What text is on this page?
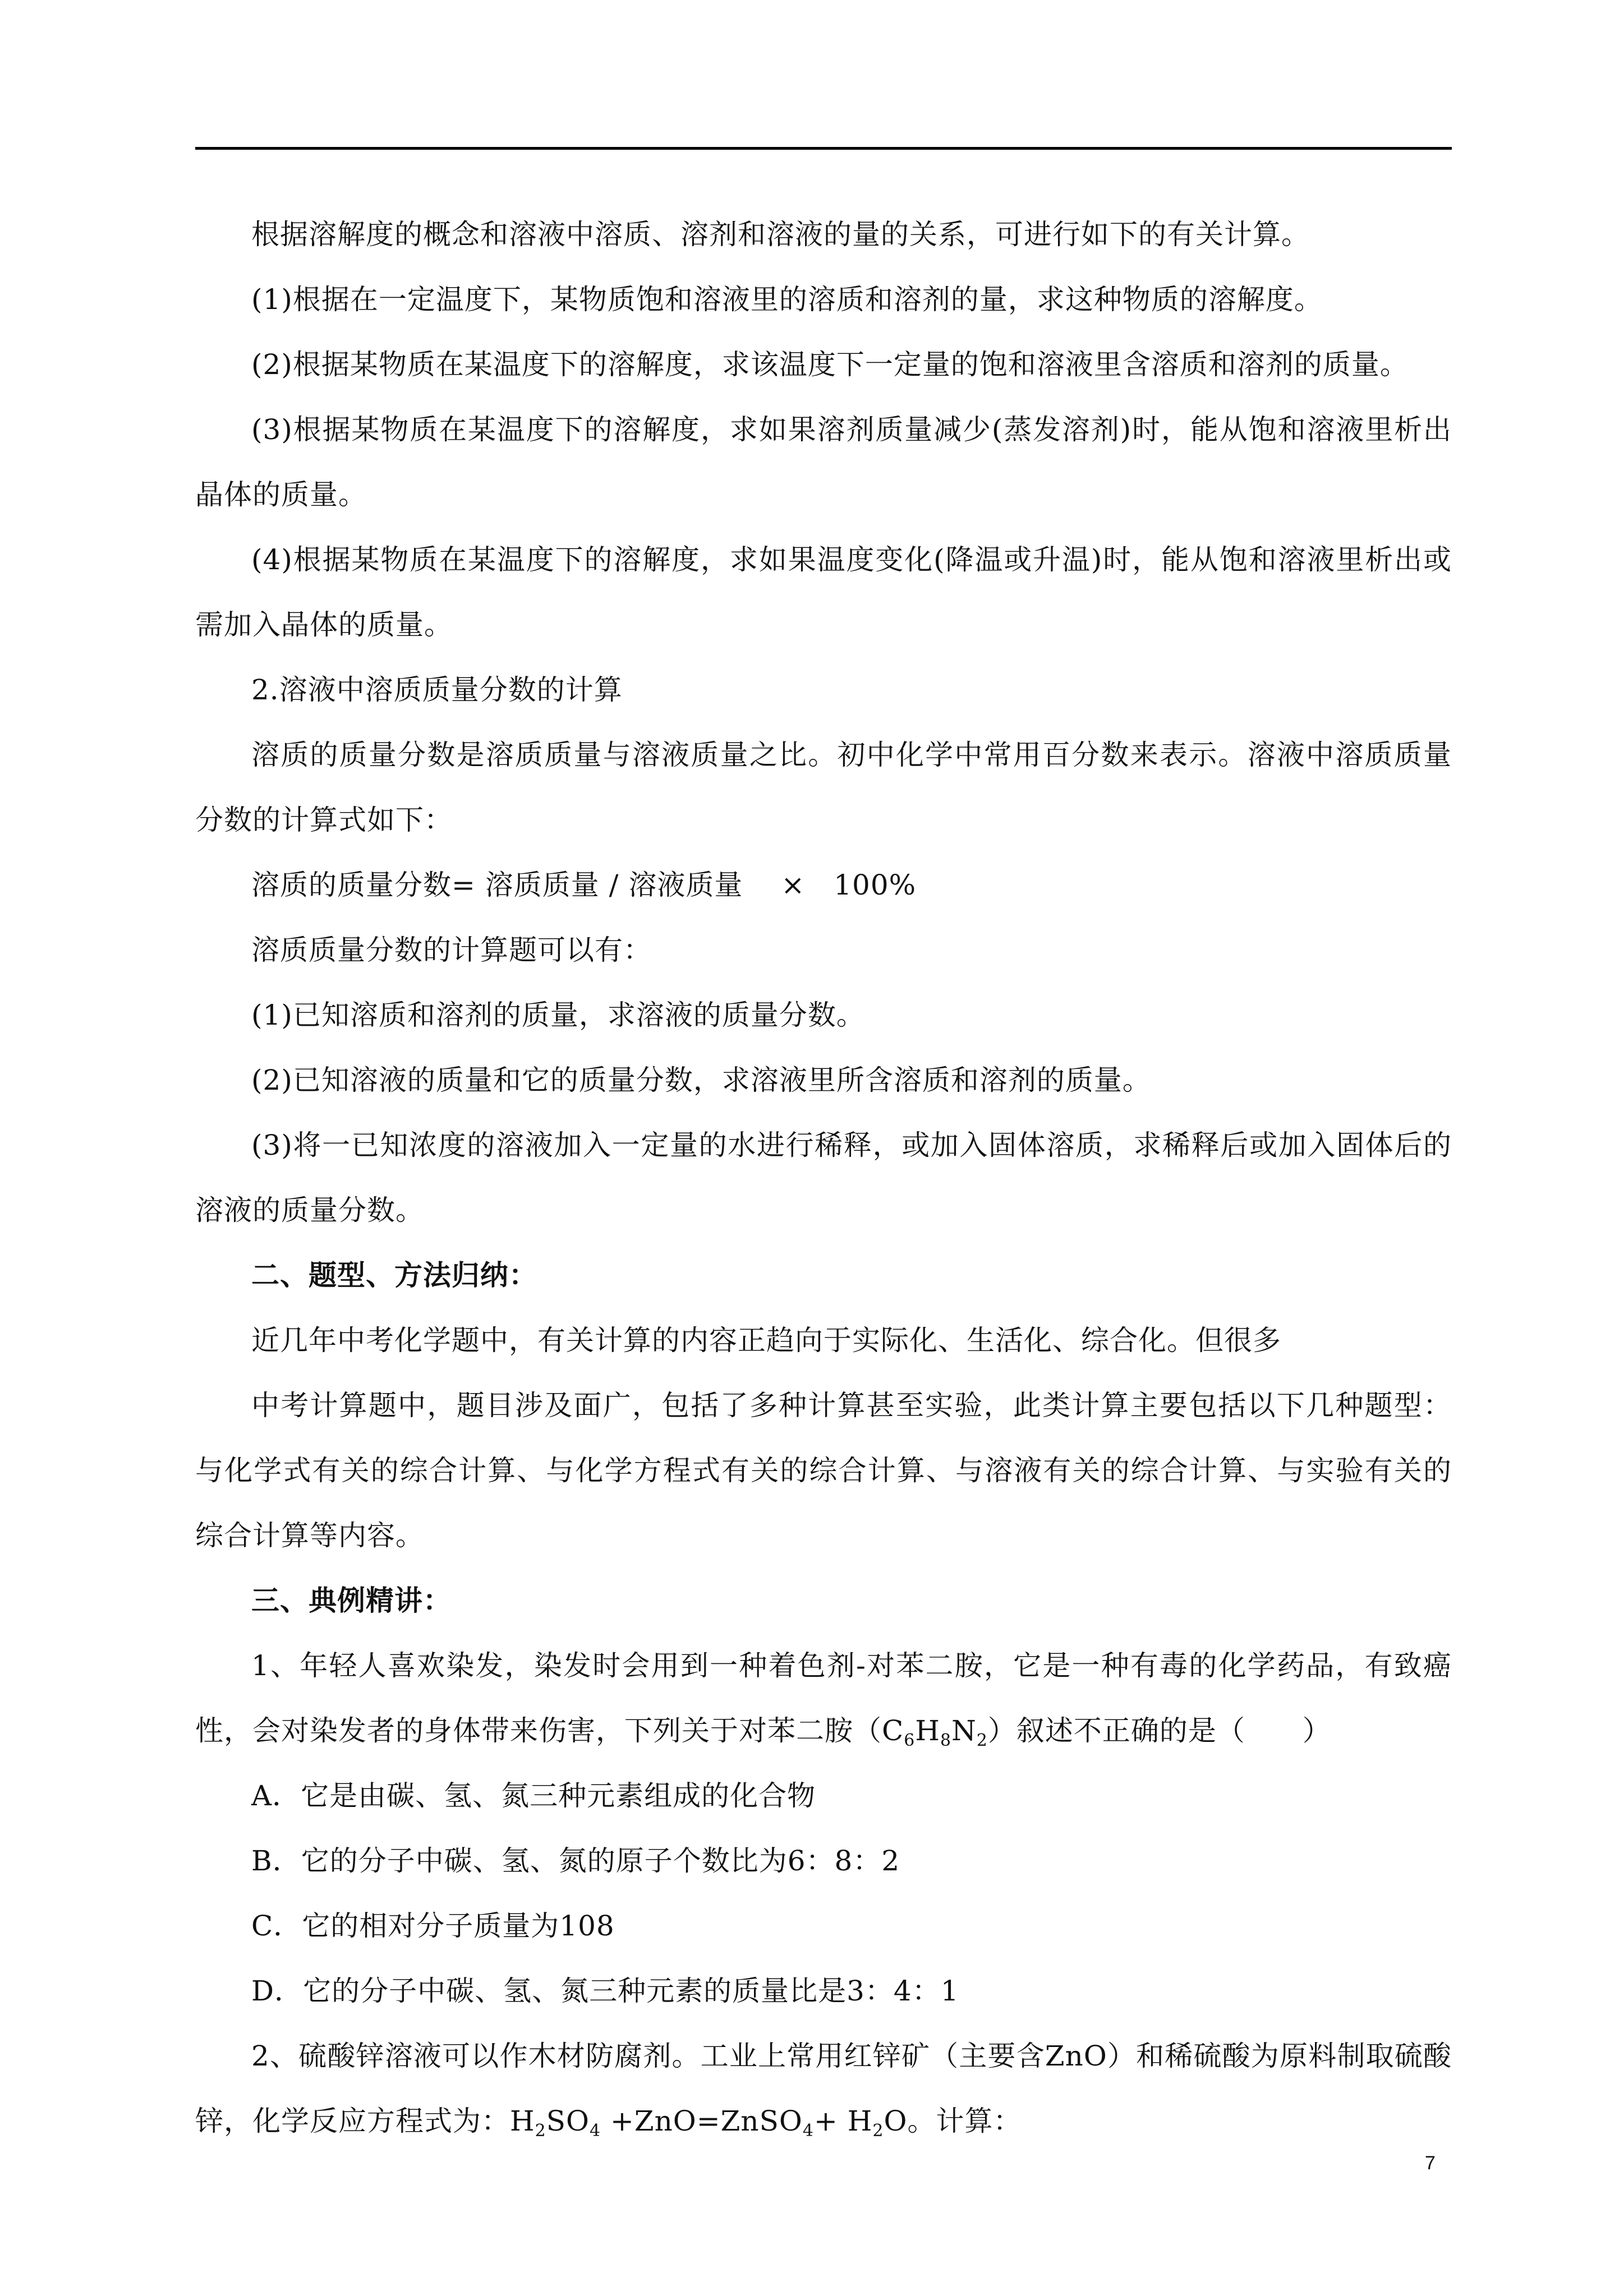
根据溶解度的概念和溶液中溶质、溶剂和溶液的量的关系，可进行如下的有关计算。

(1)根据在一定温度下，某物质饱和溶液里的溶质和溶剂的量，求这种物质的溶解度。

(2)根据某物质在某温度下的溶解度，求该温度下一定量的饱和溶液里含溶质和溶剂的质量。

(3)根据某物质在某温度下的溶解度，求如果溶剂质量减少(蒸发溶剂)时，能从饱和溶液里析出晶体的质量。

(4)根据某物质在某温度下的溶解度，求如果温度变化(降温或升温)时，能从饱和溶液里析出或需加入晶体的质量。

2.溶液中溶质质量分数的计算

溶质的质量分数是溶质质量与溶液质量之比。初中化学中常用百分数来表示。溶液中溶质质量分数的计算式如下：

溶质的质量分数= 溶质质量 / 溶液质量　 ×　100%

溶质质量分数的计算题可以有：

(1)已知溶质和溶剂的质量，求溶液的质量分数。

(2)已知溶液的质量和它的质量分数，求溶液里所含溶质和溶剂的质量。

(3)将一已知浓度的溶液加入一定量的水进行稀释，或加入固体溶质，求稀释后或加入固体后的溶液的质量分数。

二、题型、方法归纳：

近几年中考化学题中，有关计算的内容正趋向于实际化、生活化、综合化。但很多

中考计算题中，题目涉及面广，包括了多种计算甚至实验，此类计算主要包括以下几种题型：与化学式有关的综合计算、与化学方程式有关的综合计算、与溶液有关的综合计算、与实验有关的综合计算等内容。

三、典例精讲：

1、年轻人喜欢染发，染发时会用到一种着色剂-对苯二胺，它是一种有毒的化学药品，有致癌性，会对染发者的身体带来伤害，下列关于对苯二胺$(C_6H_8N_2)$叙述不正确的是（　　）

A．它是由碳、氢、氮三种元素组成的化合物

B．它的分子中碳、氢、氮的原子个数比为6：8：2

C．它的相对分子质量为108

D．它的分子中碳、氢、氮三种元素的质量比是3：4：1

2、硫酸锌溶液可以作木材防腐剂。工业上常用红锌矿（主要含ZnO）和稀硫酸为原料制取硫酸锌，化学反应方程式为：$H_2SO_4$ +ZnO=ZnSO$_4$+ $H_2O$。计算：

7
